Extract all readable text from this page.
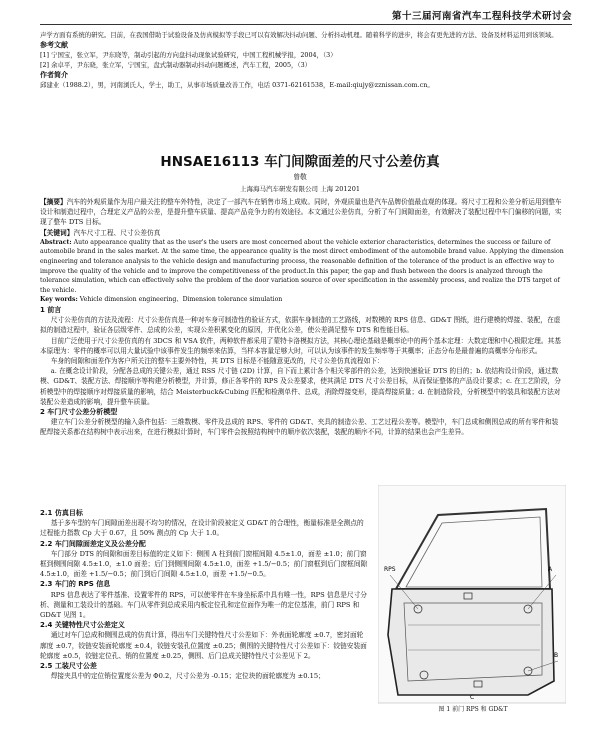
第十三届河南省汽车工程科技学术研讨会

声学方面有系统的研究。目前，在我国借助于试验设备及仿真模拟等手段已可以有效解决抖动问题、分析抖动机理。随着科学的进步，将会有更先进的方法、设备及材料运用到该领域。

参考文献

[1] 宁国宝，张立军，尹东晓等，制动引起的方向盘抖动现象试验研究，中国工程机械学报，2004，（3）

[2] 余卓平，尹东晓，张立军，宁国宝，盘式制动器制动抖动问题概述，汽车工程，2005，（3）

作者简介

邱建业（1988.2），男，河南浏氏人，学士，助工，从事市场质量改善工作，电话 0371-62161538，E-mail:qiujy@zznissan.com.cn。

HNSAE16113 车门间隙面差的尺寸公差仿真
曾敬
上海海马汽车研发有限公司 上海 201201

【摘要】汽车的外观质量作为用户最关注的整车外特性，决定了一部汽车在销售市场上成败。同时，外观质量也是汽车品牌价值最直观的体现。将尺寸工程和公差分析运用到整车设计和制造过程中，合理定义产品的公差，是提升整车质量、提高产品竞争力的有效途径。本文通过公差仿真，分析了车门间隙面差，有效解决了装配过程中车门偏移的问题，实现了整车 DTS 目标。

【关键词】汽车尺寸工程、尺寸公差仿真

Abstract: Auto appearance quality that as the user's the users are most concerned about the vehicle exterior characteristics, determines the success or failure of automobile brand in the sales market. At the same time, the appearance quality is the most direct embodiment of the automobile brand value. Applying the dimension engineering and tolerance analysis to the vehicle design and manufacturing process, the reasonable definition of the tolerance of the product is an effective way to improve the quality of the vehicle and to improve the competitiveness of the product.In this paper, the gap and flush between the doors is analyzed through the tolerance simulation, which can effectively solve the problem of the door variation source of over specification in the assembly process, and realize the DTS target of the vehicle.

Key words: Vehicle dimension engineering、Dimension tolerance simulation

1 前言

尺寸公差仿真的方法及流程：尺寸公差仿真是一种对车身可制造性的验证方式，依据车身制造的工艺路线，对数模的 RPS 信息、GD&T 图纸，进行建模的焊接、装配，在虚拟的制造过程中，验证各层级零件、总成的公差，实现公差积累变化的原因，并优化公差，使公差满足整车 DTS 和性能目标。

目前广泛使用于尺寸公差仿真的有 3DCS 和 VSA 软件，两种软件都采用了蒙特卡洛模拟方法，其核心理论基础是概率论中的两个基本定理：大数定理和中心极限定理。其基本原理为：零件的概率可以用大量试验中该事件发生的频率来估算，当样本容量足够大时，可以认为该事件的发生频率等于其概率；正态分布是最普遍的高概率分布形式。

车身的间隙和面差作为客户所关注的整车主要外特性，其 DTS 目标是不能随意更改的，尺寸公差仿真流程如下：

a. 在概念设计阶段，分配各总成的关键公差，通过 RSS 尺寸链 (2D) 计算，自下而上累计各个相关零部件的公差，达到快速验证 DTS 的目的；b. 依结构设计阶段，通过数模、GD&T、装配方法、焊接顺序等构建分析模型，并计算，修正各零件的 RPS 及公差要求，使其满足 DTS 尺寸公差目标，从而保证整体的产品设计要求；c. 在工艺阶段，分析模型中的焊接顺序对焊接质量的影响，结合 Meisterbuck&Cubing 匹配和检测单件、总成，消除焊接变形，提高焊接质量；d. 在制造阶段，分析模型中的装具和装配方法对装配公差造成的影响，提升整车质量。

2 车门尺寸公差分析模型

建立车门公差分析模型的输入条件包括：三维数模、零件及总成的 RPS、零件的 GD&T、夹具的制造公差、工艺过程公差等。模型中，车门总成和侧围总成的所有零件和装配焊接关系都在结构树中表示出来，在进行模拟计算时，车门零件会按照结构树中的顺序依次装配，装配的顺序不同，计算的结果也会产生差异。

2.1 仿真目标

基于多车型的车门间隙面差出现不均匀的情况，在设计阶段被定义 GD&T 的合理性，衡量标准是全测点的过程能力指数 Cp 大于 0.67，且 50% 测点的 Cp 大于 1.0。

2.2 车门间隙面差定义及公差分配

车门部分 DTS 的间隙和面差目标值的定义如下：侧围 A 柱到前门窗框间隙 4.5±1.0，面差 ±1.0；前门窗框到侧围间隙 4.5±1.0，±1.0 面差；后门到侧围间隙 4.5±1.0，面差 +1.5/−0.5；前门窗框到后门窗框间隙 4.5±1.0，面差 +1.5/−0.5；前门到后门间隙 4.5±1.0，面差 +1.5/−0.5。

2.3 车门的 RPS 信息

RPS 信息表达了零件基准、设置零件的 RPS，可以使零件在车身坐标系中具有唯一性，RPS 信息是尺寸分析、测量和工装设计的基础。车门从零件到总成采用内板定位孔和定位面作为唯一的定位基准，前门 RPS 和 GD&T 见图 1。

2.4 关键特性尺寸公差定义

通过对车门总成和侧围总成的仿真计算，得出车门关键特性尺寸公差如下：外表面轮廓度 ±0.7，密封面轮廓度 ±0.7，铰链安装面轮廓度 ±0.4，铰链安装孔位置度 ±0.25；侧围的关键特性尺寸公差如下：铰链安装面轮廓度 ±0.5，铰链定位孔、销的位置度 ±0.25，侧围、后门总成关键特性尺寸公差见下 2。

2.5 工装尺寸公差

焊接夹具中的定位销位置度公差为 Φ0.2，尺寸公差为 -0.15；定位块的面轮廓度为 ±0.15；

RPS	A
B
C
图 1 前门 RPS 和 GD&T
